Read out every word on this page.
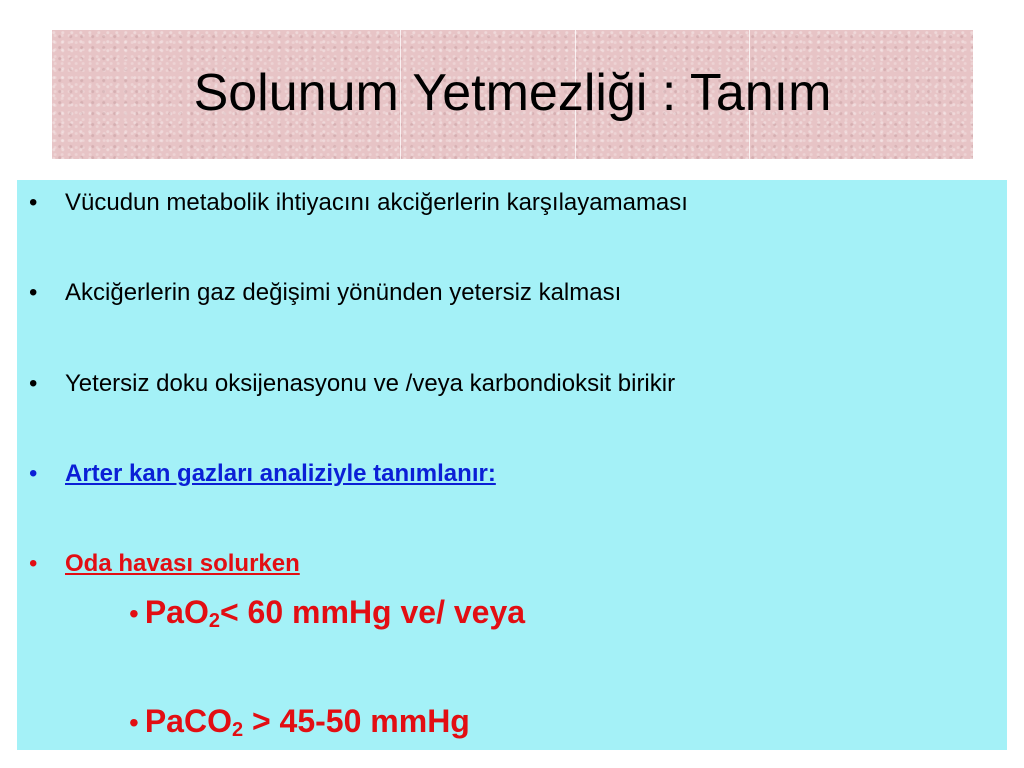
Solunum Yetmezliği : Tanım
• Vücudun metabolik ihtiyacını akciğerlerin karşılayamaması
• Akciğerlerin gaz değişimi yönünden yetersiz kalması
• Yetersiz doku oksijenasyonu ve /veya karbondioksit birikir
• Arter kan gazları analiziyle tanımlanır:
• Oda havası solurken
• PaO$_2$< 60 mmHg ve/ veya
• PaCO$_2$ > 45-50 mmHg
